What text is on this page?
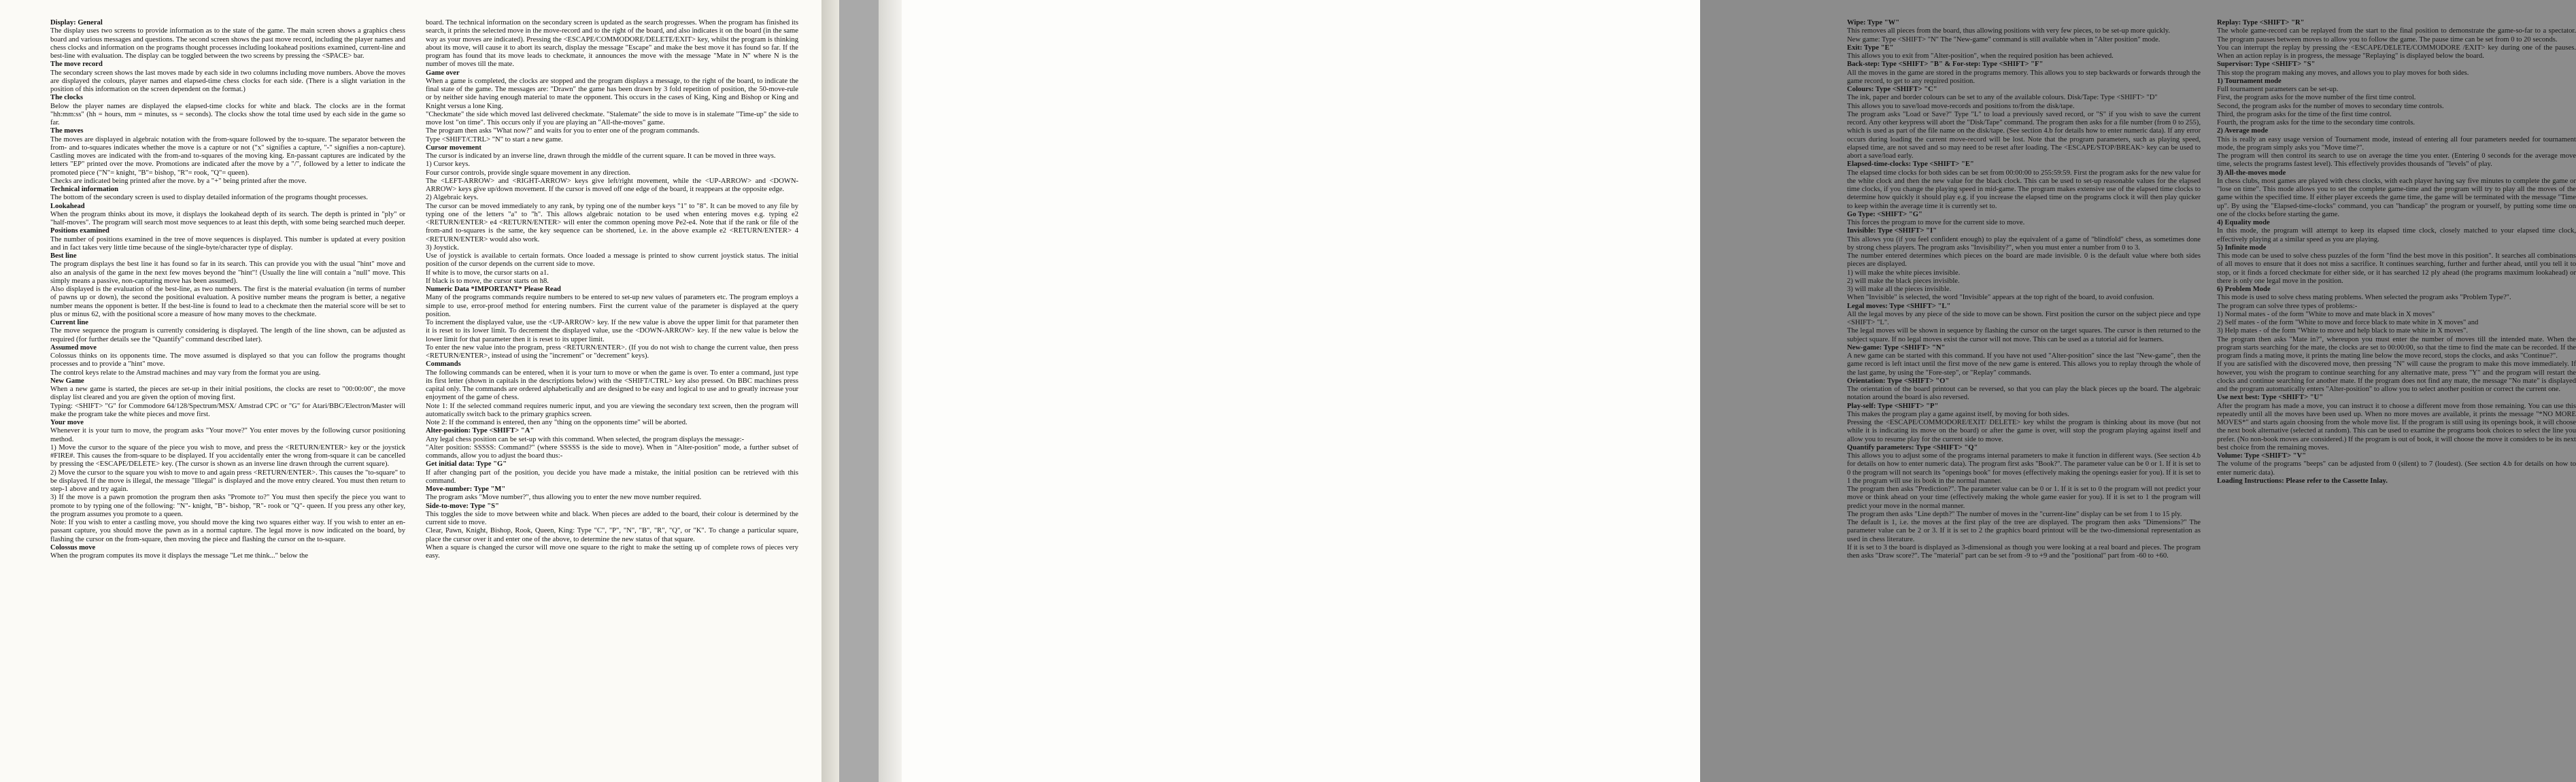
Display: General

The display uses two screens to provide information as to the state of the game. The main screen shows a graphics chess board and various messages and questions. The second screen shows the past move record, including the player names and chess clocks and information on the programs thought processes including lookahead positions examined, current-line and best-line with evaluation. The display can be toggled between the two screens by pressing the <SPACE> bar.

The move record

The secondary screen shows the last moves made by each side in two columns including move numbers. Above the moves are displayed the colours, player names and elapsed-time chess clocks for each side. (There is a slight variation in the position of this information on the screen dependent on the format.)

The clocks

Below the player names are displayed the elapsed-time clocks for white and black. The clocks are in the format "hh:mm:ss" (hh = hours, mm = minutes, ss = seconds). The clocks show the total time used by each side in the game so far.

The moves

The moves are displayed in algebraic notation with the from-square followed by the to-square. The separator between the from- and to-squares indicates whether the move is a capture or not ("x" signifies a capture, "-" signifies a non-capture). Castling moves are indicated with the from-and to-squares of the moving king. En-passant captures are indicated by the letters "EP" printed over the move. Promotions are indicated after the move by a "/", followed by a letter to indicate the promoted piece ("N"= knight, "B"= bishop, "R"= rook, "Q"= queen).

Checks are indicated being printed after the move. by a "+" being printed after the move.

Technical information

The bottom of the secondary screen is used to display detailed information of the programs thought processes.

Lookahead

When the program thinks about its move, it displays the lookahead depth of its search. The depth is printed in "ply" or "half-moves". The program will search most move sequences to at least this depth, with some being searched much deeper.

Positions examined

The number of positions examined in the tree of move sequences is displayed. This number is updated at every position and in fact takes very little time because of the single-byte/character type of display.

Best line

The program displays the best line it has found so far in its search. This can provide you with the usual "hint" move and also an analysis of the game in the next few moves beyond the "hint"! (Usually the line will contain a "null" move. This simply means a passive, non-capturing move has been assumed).

Also displayed is the evaluation of the best-line, as two numbers. The first is the material evaluation (in terms of number of pawns up or down), the second the positional evaluation. A positive number means the program is better, a negative number means the opponent is better. If the best-line is found to lead to a checkmate then the material score will be set to plus or minus 62, with the positional score a measure of how many moves to the checkmate.

Current line

The move sequence the program is currently considering is displayed. The length of the line shown, can be adjusted as required (for further details see the "Quantify" command described later).

Assumed move

Colossus thinks on its opponents time. The move assumed is displayed so that you can follow the programs thought processes and to provide a "hint" move.

The control keys relate to the Amstrad machines and may vary from the format you are using.

New Game

When a new game is started, the pieces are set-up in their initial positions, the clocks are reset to "00:00:00", the move display list cleared and you are given the option of moving first.

Typing: <SHIFT> "G" for Commodore 64/128/Spectrum/MSX/ Amstrad CPC or "G" for Atari/BBC/Electron/Master will make the program take the white pieces and move first.

Your move

Whenever it is your turn to move, the program asks "Your move?" You enter moves by the following cursor positioning method.

1) Move the cursor to the square of the piece you wish to move, and press the <RETURN/ENTER> key or the joystick #FIRE#. This causes the from-square to be displayed. If you accidentally enter the wrong from-square it can be cancelled by pressing the <ESCAPE/DELETE> key. (The cursor is shown as an inverse line drawn through the current square).

2) Move the cursor to the square you wish to move to and again press <RETURN/ENTER>. This causes the "to-square" to be displayed. If the move is illegal, the message "Illegal" is displayed and the move entry cleared. You must then return to step-1 above and try again.

3) If the move is a pawn promotion the program then asks "Promote to?" You must then specify the piece you want to promote to by typing one of the following: "N"- knight, "B"- bishop, "R"- rook or "Q"- queen. If you press any other key, the program assumes you promote to a queen.

Note: If you wish to enter a castling move, you should move the king two squares either way. If you wish to enter an en-passant capture, you should move the pawn as in a normal capture. The legal move is now indicated on the board, by flashing the cursor on the from-square, then moving the piece and flashing the cursor on the to-square.

Colossus move

When the program computes its move it displays the message "Let me think..." below the

board. The technical information on the secondary screen is updated as the search progresses. When the program has finished its search, it prints the selected move in the move-record and to the right of the board, and also indicates it on the board (in the same way as your moves are indicated). Pressing the <ESCAPE/COMMODORE/DELETE/EXIT> key, whilst the program is thinking about its move, will cause it to abort its search, display the message "Escape" and make the best move it has found so far. If the program has found that its move leads to checkmate, it announces the move with the message "Mate in N" where N is the number of moves till the mate.

Game over

When a game is completed, the clocks are stopped and the program displays a message, to the right of the board, to indicate the final state of the game. The messages are: "Drawn" the game has been drawn by 3 fold repetition of position, the 50-move-rule or by neither side having enough material to mate the opponent. This occurs in the cases of King, King and Bishop or King and Knight versus a lone King.

"Checkmate" the side which moved last delivered checkmate. "Stalemate" the side to move is in stalemate "Time-up" the side to move lost "on time". This occurs only if you are playing an "All-the-moves" game.

The program then asks "What now?" and waits for you to enter one of the program commands.

Type <SHIFT/CTRL> "N" to start a new game.

Cursor movement

The cursor is indicated by an inverse line, drawn through the middle of the current square. It can be moved in three ways.

1) Cursor keys.

Four cursor controls, provide single square movement in any direction.

The <LEFT-ARROW> and <RIGHT-ARROW> keys give left/right movement, while the <UP-ARROW> and <DOWN-ARROW> keys give up/down movement. If the cursor is moved off one edge of the board, it reappears at the opposite edge.

2) Algebraic keys.

The cursor can be moved immediately to any rank, by typing one of the number keys "1" to "8". It can be moved to any file by typing one of the letters "a" to "h". This allows algebraic notation to be used when entering moves e.g. typing e2 <RETURN/ENTER> e4 <RETURN/ENTER> will enter the common opening move Pe2-e4. Note that if the rank or file of the from-and to-squares is the same, the key sequence can be shortened, i.e. in the above example e2 <RETURN/ENTER> 4 <RETURN/ENTER> would also work.

3) Joystick.

Use of joystick is available to certain formats. Once loaded a message is printed to show current joystick status. The initial position of the cursor depends on the current side to move.

If white is to move, the cursor starts on a1.

If black is to move, the cursor starts on h8.

Numeric Data *IMPORTANT* Please Read

Many of the programs commands require numbers to be entered to set-up new values of parameters etc. The program employs a simple to use, error-proof method for entering numbers. First the current value of the parameter is displayed at the query position.

To increment the displayed value, use the <UP-ARROW> key. If the new value is above the upper limit for that parameter then it is reset to its lower limit. To decrement the displayed value, use the <DOWN-ARROW> key. If the new value is below the lower limit for that parameter then it is reset to its upper limit.

To enter the new value into the program, press <RETURN/ENTER>. (If you do not wish to change the current value, then press <RETURN/ENTER>, instead of using the "increment" or "decrement" keys).

Commands

The following commands can be entered, when it is your turn to move or when the game is over. To enter a command, just type its first letter (shown in capitals in the descriptions below) with the <SHIFT/CTRL> key also pressed. On BBC machines press capital only. The commands are ordered alphabetically and are designed to be easy and logical to use and to greatly increase your enjoyment of the game of chess.

Note 1: If the selected command requires numeric input, and you are viewing the secondary text screen, then the program will automatically switch back to the primary graphics screen.

Note 2: If the command is entered, then any "thing on the opponents time" will be aborted.

Alter-position: Type <SHIFT> "A"

Any legal chess position can be set-up with this command. When selected, the program displays the message:-

"Alter position: SSSSS: Command?" (where SSSSS is the side to move). When in "Alter-position" mode, a further subset of commands, allow you to adjust the board thus:-

Get initial data: Type "G"

If after changing part of the position, you decide you have made a mistake, the initial position can be retrieved with this command.

Move-number: Type "M"

The program asks "Move number?", thus allowing you to enter the new move number required.

Side-to-move: Type "S"

This toggles the side to move between white and black. When pieces are added to the board, their colour is determined by the current side to move.

Clear, Pawn, Knight, Bishop, Rook, Queen, King: Type "C", "P", "N", "B", "R", "Q", or "K". To change a particular square, place the cursor over it and enter one of the above, to determine the new status of that square.

When a square is changed the cursor will move one square to the right to make the setting up of complete rows of pieces very easy.

Wipe: Type "W"

This removes all pieces from the board, thus allowing positions with very few pieces, to be set-up more quickly.

New game: Type <SHIFT> "N" The "New-game" command is still available when in "Alter position" mode.

Exit: Type "E"

This allows you to exit from "Alter-position", when the required position has been achieved.

Back-step: Type <SHIFT> "B" & For-step: Type <SHIFT> "F"

All the moves in the game are stored in the programs memory. This allows you to step backwards or forwards through the game record, to get to any required position.

Colours: Type <SHIFT> "C"

The ink, paper and border colours can be set to any of the available colours. Disk/Tape: Type <SHIFT> "D"

This allows you to save/load move-records and positions to/from the disk/tape.

The program asks "Load or Save?" Type "L" to load a previously saved record, or "S" if you wish to save the current record. Any other keypress will abort the "Disk/Tape" command. The program then asks for a file number (from 0 to 255), which is used as part of the file name on the disk/tape. (See section 4.b for details how to enter numeric data). If any error occurs during loading the current move-record will be lost. Note that the program parameters, such as playing speed, elapsed time, are not saved and so may need to be reset after loading. The <ESCAPE/STOP/BREAK> key can be used to abort a save/load early.

Elapsed-time-clocks: Type <SHIFT> "E"

The elapsed time clocks for both sides can be set from 00:00:00 to 255:59:59. First the program asks for the new value for the white clock and then the new value for the black clock. This can be used to set-up reasonable values for the elapsed time clocks, if you change the playing speed in mid-game. The program makes extensive use of the elapsed time clocks to determine how quickly it should play e.g. if you increase the elapsed time on the programs clock it will then play quicker to keep within the average time it is currently set to.

Go Type: <SHIFT> "G"

This forces the program to move for the current side to move.

Invisible: Type <SHIFT> "I"

This allows you (if you feel confident enough) to play the equivalent of a game of "blindfold" chess, as sometimes done by strong chess players. The program asks "Invisibility?", when you must enter a number from 0 to 3.

The number entered determines which pieces on the board are made invisible. 0 is the default value where both sides pieces are displayed.

1) will make the white pieces invisible.

2) will make the black pieces invisible.

3) will make all the pieces invisible.

When "Invisible" is selected, the word "Invisible" appears at the top right of the board, to avoid confusion.

Legal moves: Type <SHIFT> "L"

All the legal moves by any piece of the side to move can be shown. First position the cursor on the subject piece and type <SHIFT> "L".

The legal moves will be shown in sequence by flashing the cursor on the target squares. The cursor is then returned to the subject square. If no legal moves exist the cursor will not move. This can be used as a tutorial aid for learners.

New-game: Type <SHIFT> "N"

A new game can be started with this command. If you have not used "Alter-position" since the last "New-game", then the game record is left intact until the first move of the new game is entered. This allows you to replay through the whole of the last game, by using the "Fore-step", or "Replay" commands.

Orientation: Type <SHIFT> "O"

The orientation of the board printout can be reversed, so that you can play the black pieces up the board. The algebraic notation around the board is also reversed.

Play-self: Type <SHIFT> "P"

This makes the program play a game against itself, by moving for both sides.

Pressing the <ESCAPE/COMMODORE/EXIT/ DELETE> key whilst the program is thinking about its move (but not while it is indicating its move on the board) or after the game is over, will stop the program playing against itself and allow you to resume play for the current side to move.

Quantify parameters: Type <SHIFT> "Q"

This allows you to adjust some of the programs internal parameters to make it function in different ways. (See section 4.b for details on how to enter numeric data). The program first asks "Book?". The parameter value can be 0 or 1. If it is set to 0 the program will not search its "openings book" for moves (effectively making the openings easier for you). If it is set to 1 the program will use its book in the normal manner.

The program then asks "Prediction?". The parameter value can be 0 or 1. If it is set to 0 the program will not predict your move or think ahead on your time (effectively making the whole game easier for you). If it is set to 1 the program will predict your move in the normal manner.

The program then asks "Line depth?" The number of moves in the "current-line" display can be set from 1 to 15 ply.

The default is 1, i.e. the moves at the first play of the tree are displayed. The program then asks "Dimensions?" The parameter value can be 2 or 3. If it is set to 2 the graphics board printout will be the two-dimensional representation as used in chess literature.

If it is set to 3 the board is displayed as 3-dimensional as though you were looking at a real board and pieces. The program then asks "Draw score?". The "material" part can be set from -9 to +9 and the "positional" part from -60 to +60.

Replay: Type <SHIFT> "R"

The whole game-record can be replayed from the start to the final position to demonstrate the game-so-far to a spectator. The program pauses between moves to allow you to follow the game. The pause time can be set from 0 to 20 seconds.

You can interrupt the replay by pressing the <ESCAPE/DELETE/COMMODORE /EXIT> key during one of the pauses. When an action replay is in progress, the message "Replaying" is displayed below the board.

Supervisor: Type <SHIFT> "S"

This stop the program making any moves, and allows you to play moves for both sides.

1) Tournament mode

Full tournament parameters can be set-up.

First, the program asks for the move number of the first time control.

Second, the program asks for the number of moves to secondary time controls.

Third, the program asks for the time of the first time control.

Fourth, the program asks for the time to the secondary time controls.

2) Average mode

This is really an easy usage version of Tournament mode, instead of entering all four parameters needed for tournament mode, the program simply asks you "Move time?".

The program will then control its search to use on average the time you enter. (Entering 0 seconds for the average move time, selects the programs fastest level). This effectively provides thousands of "levels" of play.

3) All-the-moves mode

In chess clubs, most games are played with chess clocks, with each player having say five minutes to complete the game or "lose on time". This mode allows you to set the complete game-time and the program will try to play all the moves of the game within the specified time. If either player exceeds the game time, the game will be terminated with the message "Time up". By using the "Elapsed-time-clocks" command, you can "handicap" the program or yourself, by putting some time on one of the clocks before starting the game.

4) Equality mode

In this mode, the program will attempt to keep its elapsed time clock, closely matched to your elapsed time clock, effectively playing at a similar speed as you are playing.

5) Infinite mode

This mode can be used to solve chess puzzles of the form "find the best move in this position". It searches all combinations of all moves to ensure that it does not miss a sacrifice. It continues searching, further and further ahead, until you tell it to stop, or it finds a forced checkmate for either side, or it has searched 12 ply ahead (the programs maximum lookahead) or there is only one legal move in the position.

6) Problem Mode

This mode is used to solve chess mating problems. When selected the program asks "Problem Type?".

The program can solve three types of problems:-

1) Normal mates - of the form "White to move and mate black in X moves"

2) Self mates - of the form "White to move and force black to mate white in X moves" and

3) Help mates - of the form "White to move and help black to mate white in X moves".

The program then asks "Mate in?", whereupon you must enter the number of moves till the intended mate. When the program starts searching for the mate, the clocks are set to 00:00:00, so that the time to find the mate can be recorded. If the program finds a mating move, it prints the mating line below the move record, stops the clocks, and asks "Continue?".

If you are satisfied with the discovered move, then pressing "N" will cause the program to make this move immediately. If however, you wish the program to continue searching for any alternative mate, press "Y" and the program will restart the clocks and continue searching for another mate. If the program does not find any mate, the message "No mate" is displayed and the program automatically enters "Alter-position" to allow you to select another position or correct the current one.

Use next best: Type <SHIFT> "U"

After the program has made a move, you can instruct it to choose a different move from those remaining. You can use this repeatedly until all the moves have been used up. When no more moves are available, it prints the message "*NO MORE MOVES*" and starts again choosing from the whole move list. If the program is still using its openings book, it will choose the next book alternative (selected at random). This can be used to examine the programs book choices to select the line you prefer. (No non-book moves are considered.) If the program is out of book, it will choose the move it considers to be its next best choice from the remaining moves.

Volume: Type <SHIFT> "V"

The volume of the programs "beeps" can be adjusted from 0 (silent) to 7 (loudest). (See section 4.b for details on how to enter numeric data).

Loading Instructions: Please refer to the Cassette Inlay.
